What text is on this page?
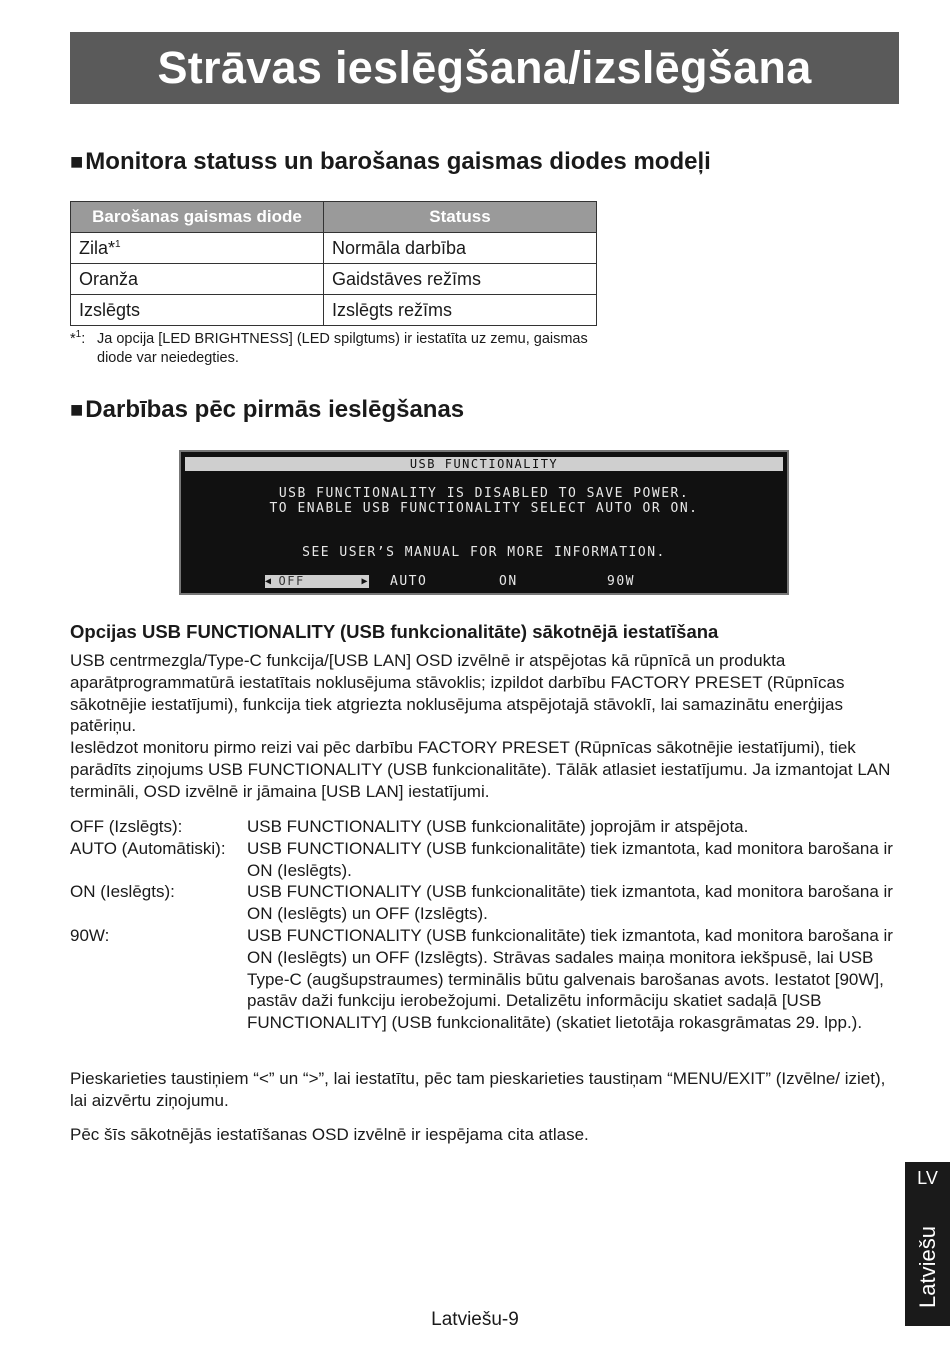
Strāvas ieslēgšana/izslēgšana
■Monitora statuss un barošanas gaismas diodes modeļi
Barošanas gaismas diode	Statuss
Zila*$^1$	Normāla darbība
Oranža	Gaidstāves režīms
Izslēgts	Izslēgts režīms
*$^1$: Ja opcija [LED BRIGHTNESS] (LED spilgtums) ir iestatīta uz zemu, gaismas diode var neiedegties.
■Darbības pēc pirmās ieslēgšanas
USB FUNCTIONALITY
USB FUNCTIONALITY IS DISABLED TO SAVE POWER.
TO ENABLE USB FUNCTIONALITY SELECT AUTO OR ON.
SEE USER’S MANUAL FOR MORE INFORMATION.
◀ OFF	▶ AUTO	ON	90W
Opcijas USB FUNCTIONALITY (USB funkcionalitāte) sākotnējā iestatīšana
USB centrmezgla/Type-C funkcija/[USB LAN] OSD izvēlnē ir atspējotas kā rūpnīcā un produkta aparātprogrammatūrā iestatītais noklusējuma stāvoklis; izpildot darbību FACTORY PRESET (Rūpnīcas sākotnējie iestatījumi), funkcija tiek atgriezta noklusējuma atspējotajā stāvoklī, lai samazinātu enerģijas patēriņu.
Ieslēdzot monitoru pirmo reizi vai pēc darbību FACTORY PRESET (Rūpnīcas sākotnējie iestatījumi), tiek parādīts ziņojums USB FUNCTIONALITY (USB funkcionalitāte). Tālāk atlasiet iestatījumu. Ja izmantojat LAN termināli, OSD izvēlnē ir jāmaina [USB LAN] iestatījumi.
OFF (Izslēgts):	USB FUNCTIONALITY (USB funkcionalitāte) joprojām ir atspējota.
AUTO (Automātiski):	USB FUNCTIONALITY (USB funkcionalitāte) tiek izmantota, kad monitora barošana ir ON (Ieslēgts).
ON (Ieslēgts):	USB FUNCTIONALITY (USB funkcionalitāte) tiek izmantota, kad monitora barošana ir ON (Ieslēgts) un OFF (Izslēgts).
90W:	USB FUNCTIONALITY (USB funkcionalitāte) tiek izmantota, kad monitora barošana ir ON (Ieslēgts) un OFF (Izslēgts). Strāvas sadales maiņa monitora iekšpusē, lai USB Type-C (augšupstraumes) terminālis būtu galvenais barošanas avots. Iestatot [90W], pastāv daži funkciju ierobežojumi. Detalizētu informāciju skatiet sadaļā [USB FUNCTIONALITY] (USB funkcionalitāte) (skatiet lietotāja rokasgrāmatas 29. lpp.).
Pieskarieties taustiņiem “<” un “>”, lai iestatītu, pēc tam pieskarieties taustiņam “MENU/EXIT” (Izvēlne/ iziet), lai aizvērtu ziņojumu.
Pēc šīs sākotnējās iestatīšanas OSD izvēlnē ir iespējama cita atlase.
LV
Latviešu
Latviešu-9
